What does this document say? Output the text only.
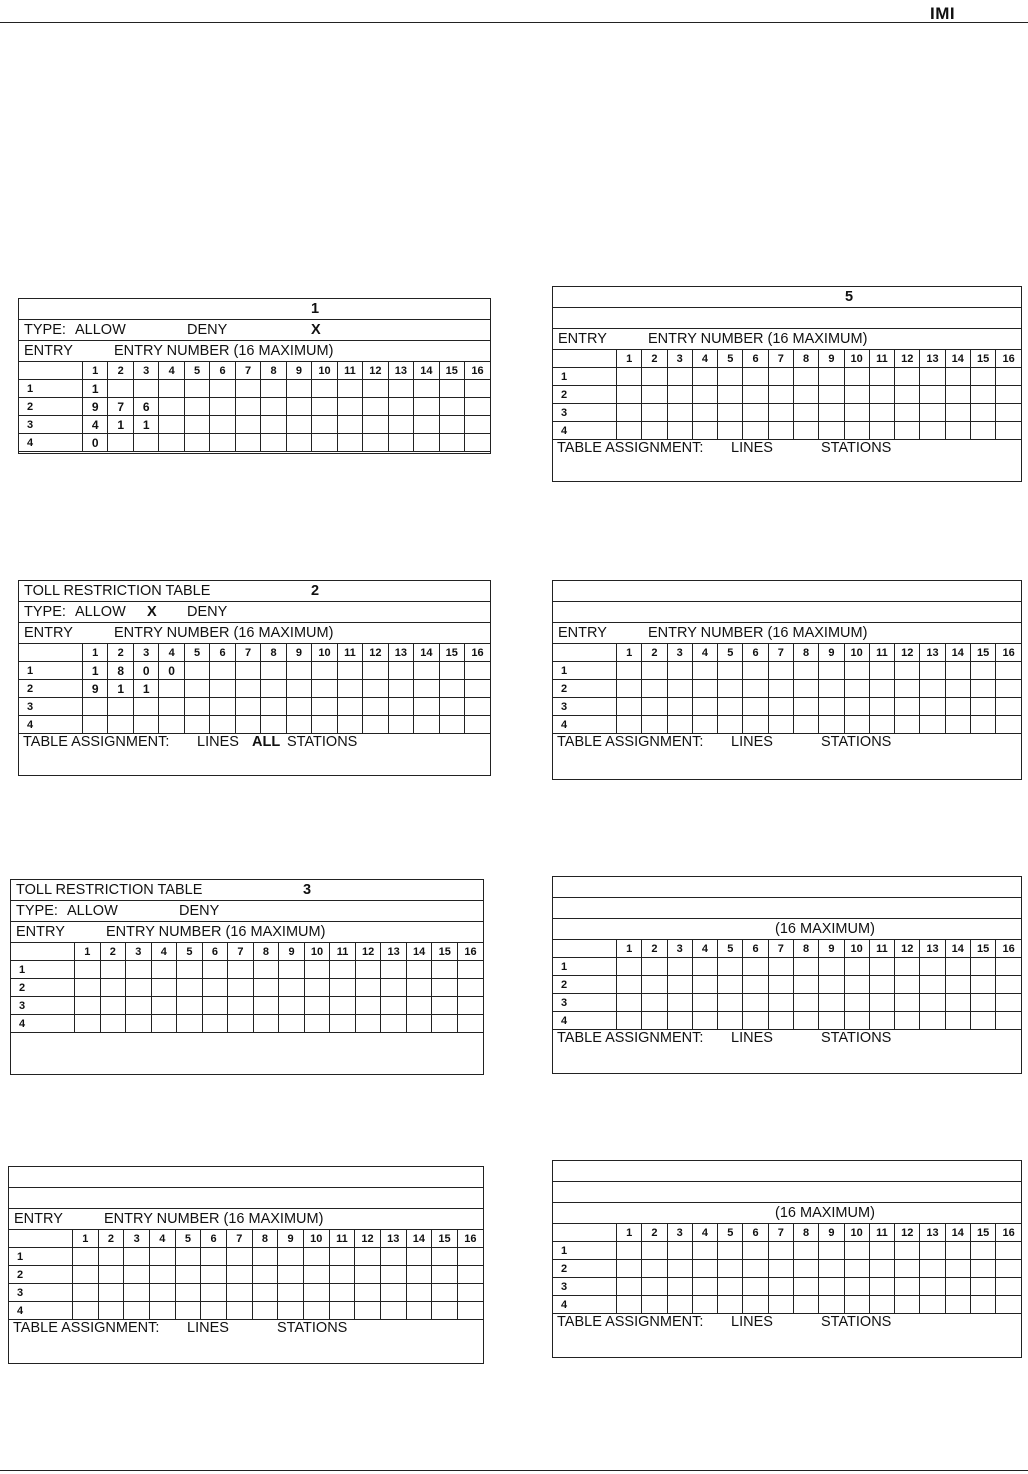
IMI
1
TYPE: ALLOW	DENY	X
ENTRY	ENTRY NUMBER (16 MAXIMUM)
	1	2	3	4	5	6	7	8	9	10	11	12	13	14	15	16
1	1															
2	9	7	6													
3	4	1	1													
4	0															
TOLL RESTRICTION TABLE	2
TYPE: ALLOW X DENY
ENTRY	ENTRY NUMBER (16 MAXIMUM)
	1	2	3	4	5	6	7	8	9	10	11	12	13	14	15	16
1	1	8	0	0												
2	9	1	1													
3																
4																
TABLE ASSIGNMENT: LINES ALL STATIONS
TOLL RESTRICTION TABLE	3
TYPE: ALLOW	DENY
ENTRY	ENTRY NUMBER (16 MAXIMUM)
	1	2	3	4	5	6	7	8	9	10	11	12	13	14	15	16
1																
2																
3																
4																
ENTRY	ENTRY NUMBER (16 MAXIMUM)
	1	2	3	4	5	6	7	8	9	10	11	12	13	14	15	16
1																
2																
3																
4																
TABLE ASSIGNMENT: LINES	STATIONS
5
ENTRY	ENTRY NUMBER (16 MAXIMUM)
	1	2	3	4	5	6	7	8	9	10	11	12	13	14	15	16
1																
2																
3																
4																
TABLE ASSIGNMENT: LINES	STATIONS
ENTRY	ENTRY NUMBER (16 MAXIMUM)
	1	2	3	4	5	6	7	8	9	10	11	12	13	14	15	16
1																
2																
3																
4																
TABLE ASSIGNMENT: LINES	STATIONS
(16 MAXIMUM)
	1	2	3	4	5	6	7	8	9	10	11	12	13	14	15	16
1																
2																
3																
4																
TABLE ASSIGNMENT: LINES	STATIONS
(16 MAXIMUM)
	1	2	3	4	5	6	7	8	9	10	11	12	13	14	15	16
1																
2																
3																
4																
TABLE ASSIGNMENT: LINES	STATIONS
